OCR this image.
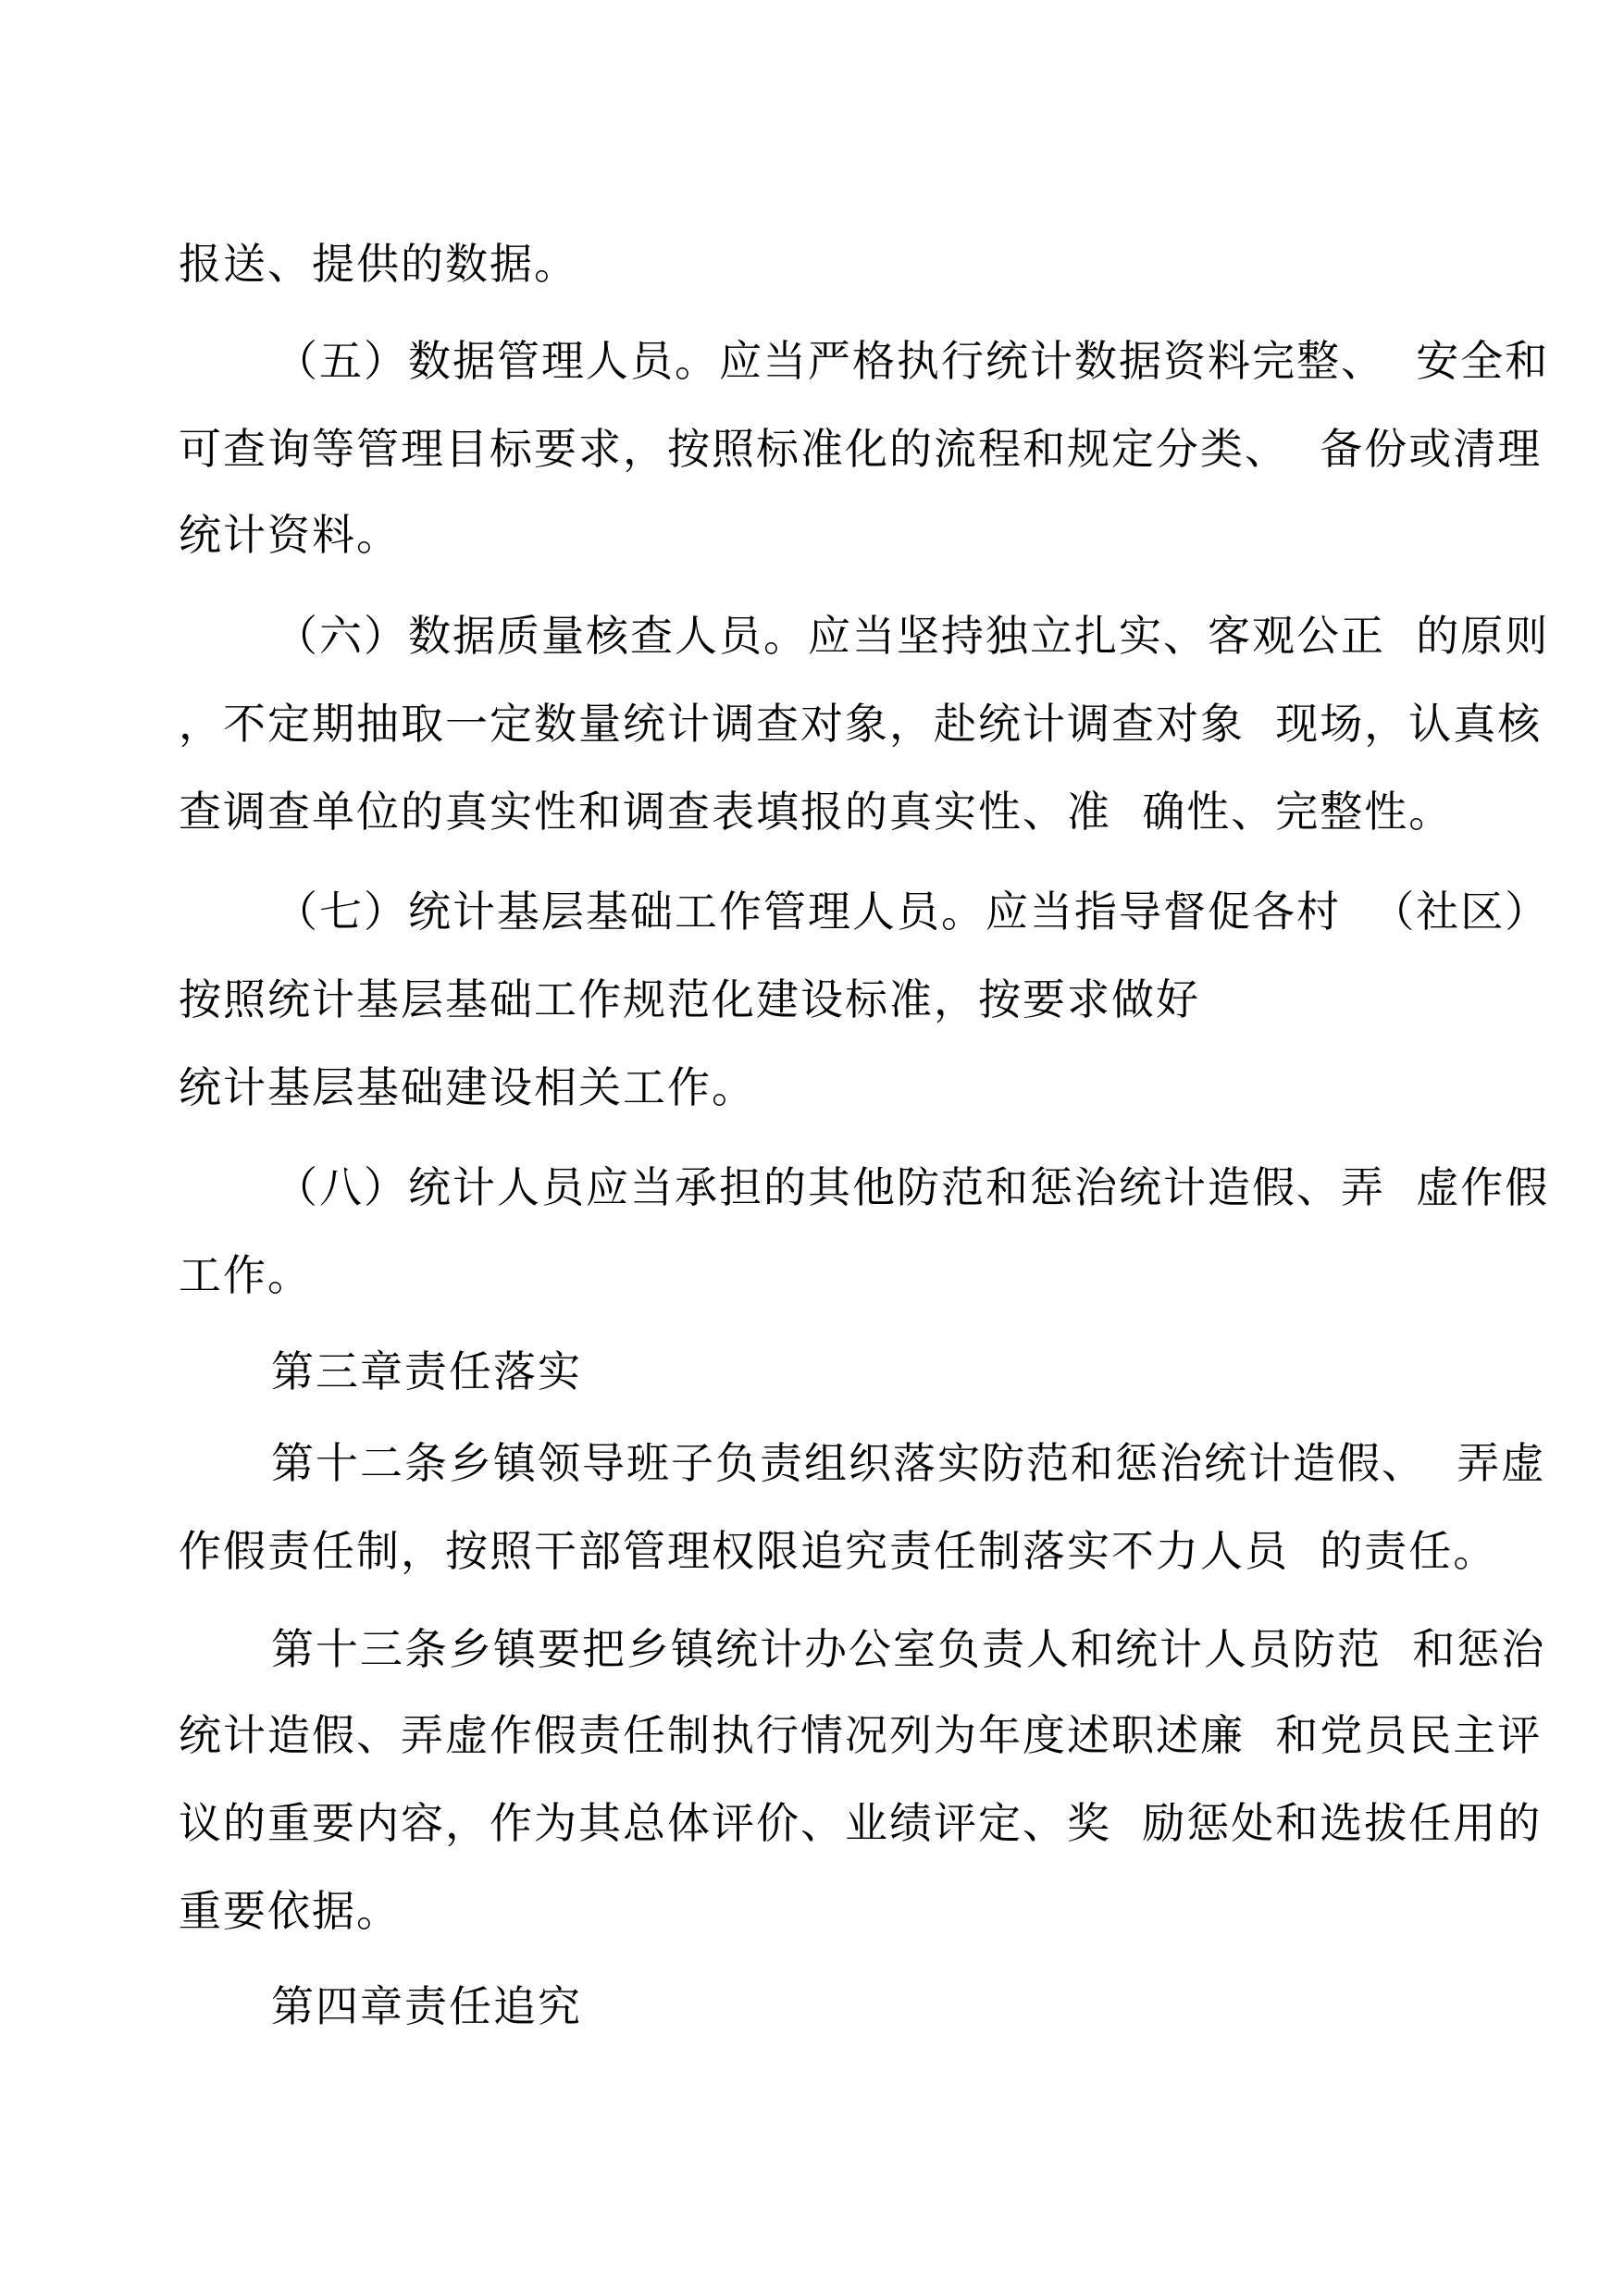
报送、提供的数据。
（五）数据管理人员。应当严格执行统计数据资料完整、  安全和
可查询等管理目标要求，按照标准化的流程和规定分类、  备份或清理
统计资料。
（六）数据质量核查人员。应当坚持独立扎实、客观公正  的原则
，不定期抽取一定数量统计调查对象，赴统计调查对象  现场，认真核
查调查单位的真实性和调查表填报的真实性、准  确性、完整性。
（七）统计基层基础工作管理人员。应当指导督促各村  （社区）
按照统计基层基础工作规范化建设标准，按要求做好
统计基层基础建设相关工作。
（八）统计人员应当承担的其他防范和惩治统计造假、弄  虚作假
工作。
第三章责任落实
第十二条乡镇领导班子负责组织落实防范和惩治统计造假、  弄虚
作假责任制，按照干部管理权限追究责任制落实不力人员  的责任。
第十三条乡镇要把乡镇统计办公室负责人和统计人员防范  和惩治
统计造假、弄虚作假责任制执行情况列为年度述职述廉  和党员民主评
议的重要内容，作为其总体评价、业绩评定、奖  励惩处和选拔任用的
重要依据。
第四章责任追究
